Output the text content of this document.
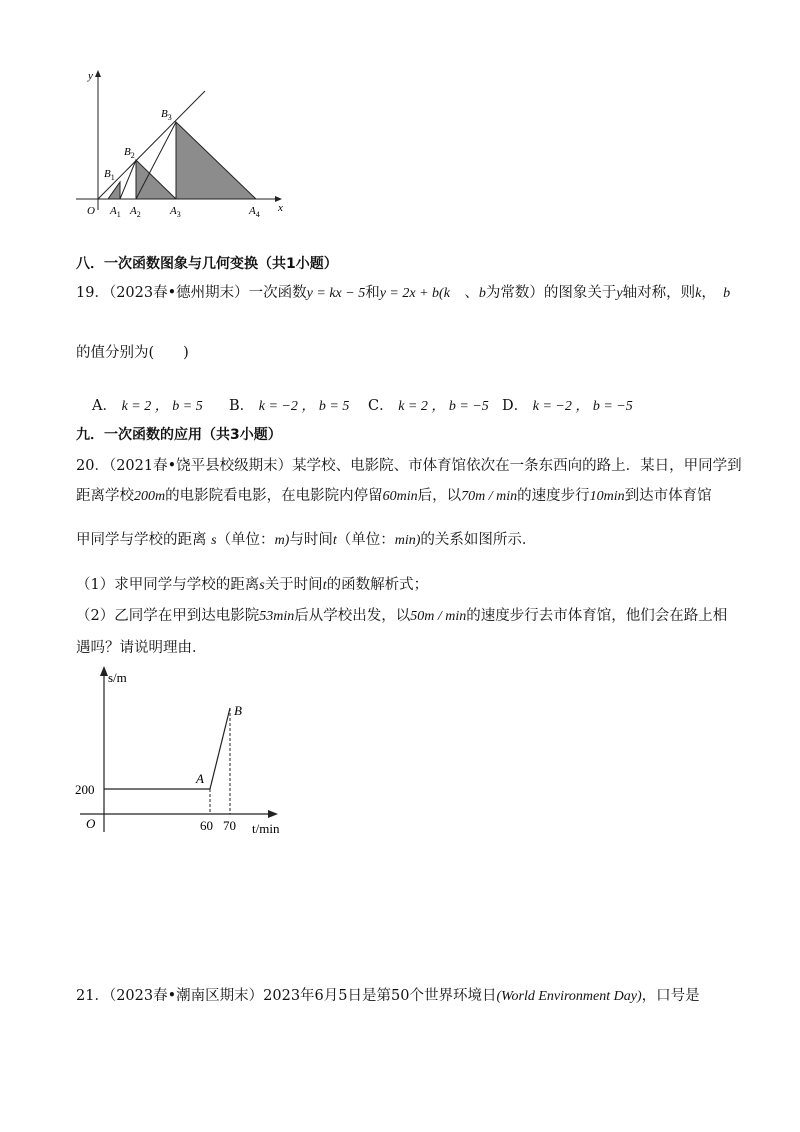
y
x
O
$B_1$
$B_2$
$B_3$
$A_1$ $A_2$	$A_3$	$A_4$
八．一次函数图象与几何变换（共1小题）
19．（2023春•德州期末）一次函数y = kx − 5和y = 2x + b(k　 、b为常数）的图象关于y轴对称，则k，　 b
的值分别为(　　)
A． k = 2 ， b = 5 B． k = −2 ， b = 5 C． k = 2 ， b = −5 D． k = −2 ， b = −5
九．一次函数的应用（共3小题）
20．（2021春•饶平县校级期末）某学校、电影院、市体育馆依次在一条东西向的路上．某日，甲同学到
距离学校200m的电影院看电影，在电影院内停留60min后，以70m / min的速度步行10min到达市体育馆
甲同学与学校的距离 s（单位：m)与时间t（单位：min)的关系如图所示．
（1）求甲同学与学校的距离s关于时间t的函数解析式；
（2）乙同学在甲到达电影院53min后从学校出发，以50m / min的速度步行去市体育馆，他们会在路上相
遇吗？请说明理由．
s/m
t/min
O
200
60 70
A
B
21．（2023春•潮南区期末）2023年6月5日是第50个世界环境日(World Environment Day)，口号是
